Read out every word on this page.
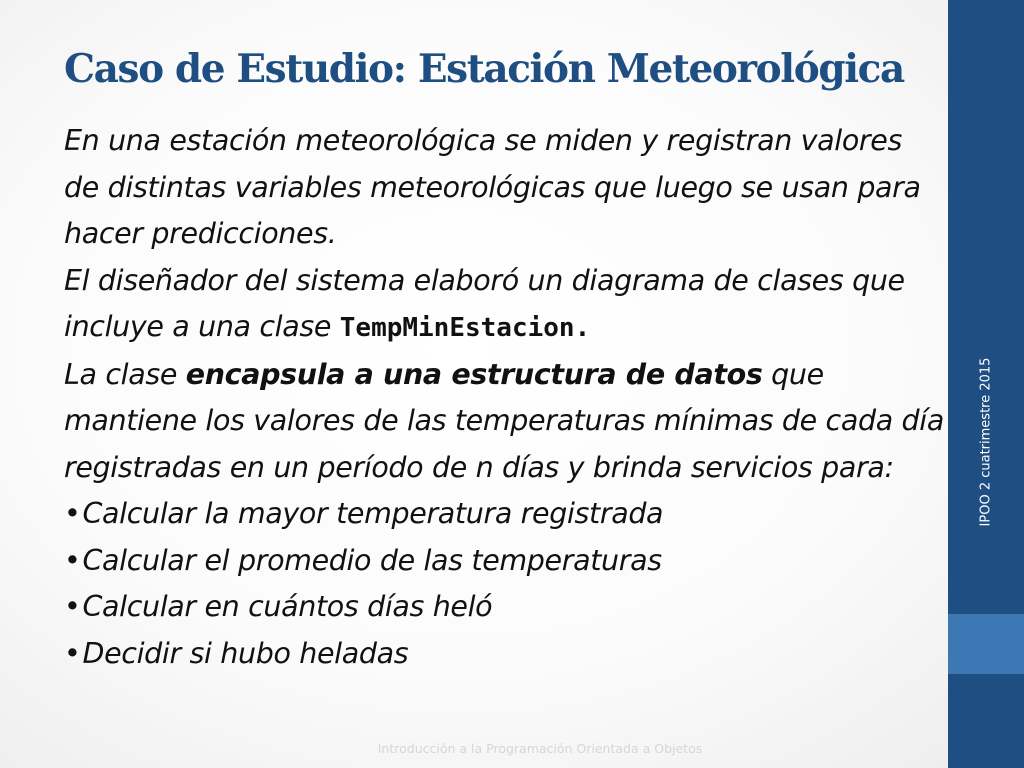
IPOO 2 cuatrimestre 2015
Caso de Estudio: Estación Meteorológica

En una estación meteorológica se miden y registran valores de distintas variables meteorológicas que luego se usan para hacer predicciones.

El diseñador del sistema elaboró un diagrama de clases que incluye a una clase TempMinEstacion.

La clase encapsula a una estructura de datos que mantiene los valores de las temperaturas mínimas de cada día registradas en un período de n días y brinda servicios para:

•Calcular la mayor temperatura registrada
•Calcular el promedio de las temperaturas
•Calcular en cuántos días heló
•Decidir si hubo heladas
Introducción a la Programación Orientada a Objetos
